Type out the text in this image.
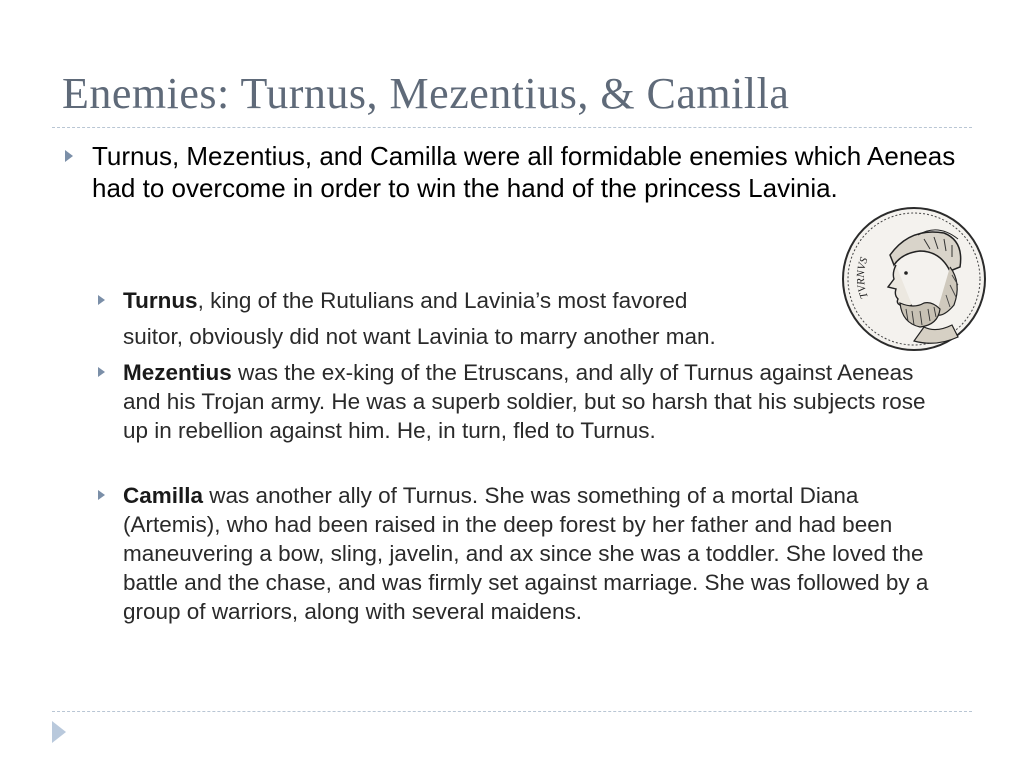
Enemies: Turnus, Mezentius, & Camilla

Turnus, Mezentius, and Camilla were all formidable enemies which Aeneas had to overcome in order to win the hand of the princess Lavinia.

TVRNVS

Turnus, king of the Rutulians and Lavinia’s most favored

suitor, obviously did not want Lavinia to marry another man.

Mezentius was the ex-king of the Etruscans, and ally of Turnus against Aeneas and his Trojan army. He was a superb soldier, but so harsh that his subjects rose up in rebellion against him. He, in turn, fled to Turnus.

Camilla was another ally of Turnus. She was something of a mortal Diana (Artemis), who had been raised in the deep forest by her father and had been maneuvering a bow, sling, javelin, and ax since she was a toddler. She loved the battle and the chase, and was firmly set against marriage. She was followed by a group of warriors, along with several maidens.
